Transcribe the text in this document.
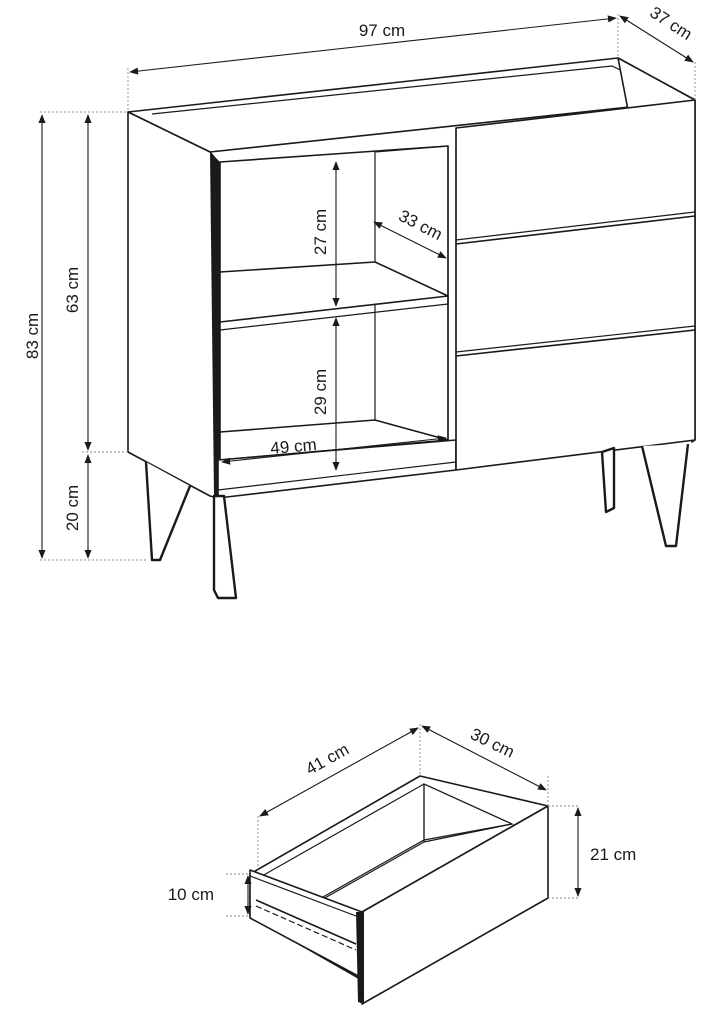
97 cm	37 cm
83 cm
63 cm
20 cm
27 cm	33 cm
29 cm
49 cm
41 cm	30 cm
21 cm
10 cm
